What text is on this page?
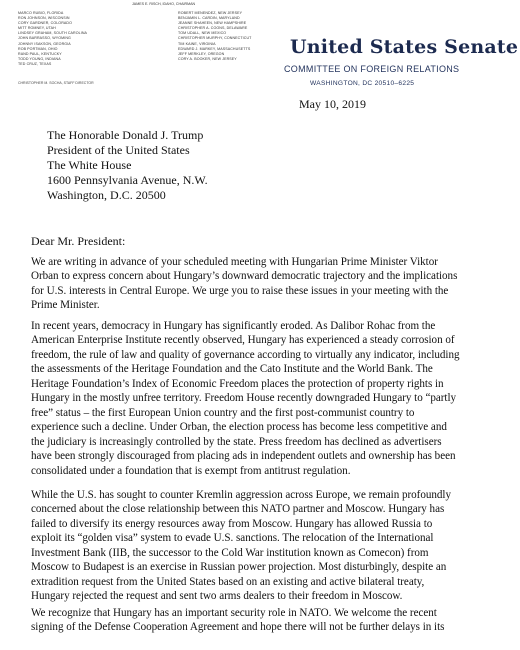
JAMES E. RISCH, IDAHO, CHAIRMAN
MARCO RUBIO, FLORIDA
RON JOHNSON, WISCONSIN
CORY GARDNER, COLORADO
MITT ROMNEY, UTAH
LINDSEY GRAHAM, SOUTH CAROLINA
JOHN BARRASSO, WYOMING
JOHNNY ISAKSON, GEORGIA
ROB PORTMAN, OHIO
RAND PAUL, KENTUCKY
TODD YOUNG, INDIANA
TED CRUZ, TEXAS
ROBERT MENENDEZ, NEW JERSEY
BENJAMIN L. CARDIN, MARYLAND
JEANNE SHAHEEN, NEW HAMPSHIRE
CHRISTOPHER A. COONS, DELAWARE
TOM UDALL, NEW MEXICO
CHRISTOPHER MURPHY, CONNECTICUT
TIM KAINE, VIRGINIA
EDWARD J. MARKEY, MASSACHUSETTS
JEFF MERKLEY, OREGON
CORY A. BOOKER, NEW JERSEY
CHRISTOPHER M. SOCHA, STAFF DIRECTOR
United States Senate
COMMITTEE ON FOREIGN RELATIONS
WASHINGTON, DC 20510–6225
May 10, 2019
The Honorable Donald J. Trump
President of the United States
The White House
1600 Pennsylvania Avenue, N.W.
Washington, D.C. 20500
Dear Mr. President:
We are writing in advance of your scheduled meeting with Hungarian Prime Minister Viktor
Orban to express concern about Hungary’s downward democratic trajectory and the implications
for U.S. interests in Central Europe. We urge you to raise these issues in your meeting with the
Prime Minister.
In recent years, democracy in Hungary has significantly eroded. As Dalibor Rohac from the
American Enterprise Institute recently observed, Hungary has experienced a steady corrosion of
freedom, the rule of law and quality of governance according to virtually any indicator, including
the assessments of the Heritage Foundation and the Cato Institute and the World Bank. The
Heritage Foundation’s Index of Economic Freedom places the protection of property rights in
Hungary in the mostly unfree territory. Freedom House recently downgraded Hungary to “partly
free” status – the first European Union country and the first post-communist country to
experience such a decline. Under Orban, the election process has become less competitive and
the judiciary is increasingly controlled by the state. Press freedom has declined as advertisers
have been strongly discouraged from placing ads in independent outlets and ownership has been
consolidated under a foundation that is exempt from antitrust regulation.
While the U.S. has sought to counter Kremlin aggression across Europe, we remain profoundly
concerned about the close relationship between this NATO partner and Moscow. Hungary has
failed to diversify its energy resources away from Moscow. Hungary has allowed Russia to
exploit its “golden visa” system to evade U.S. sanctions. The relocation of the International
Investment Bank (IIB, the successor to the Cold War institution known as Comecon) from
Moscow to Budapest is an exercise in Russian power projection. Most disturbingly, despite an
extradition request from the United States based on an existing and active bilateral treaty,
Hungary rejected the request and sent two arms dealers to their freedom in Moscow.
We recognize that Hungary has an important security role in NATO. We welcome the recent
signing of the Defense Cooperation Agreement and hope there will not be further delays in its
